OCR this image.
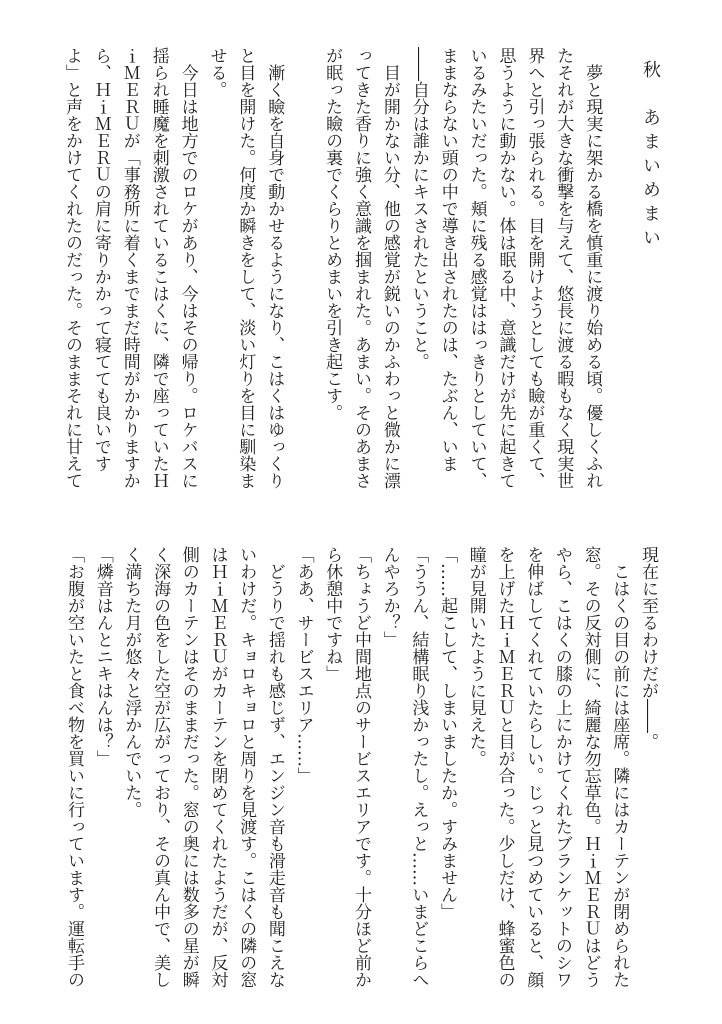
秋　あまいめまい
　夢と現実に架かる橋を慎重に渡り始める頃。優しくふれ
たそれが大きな衝撃を与えて、悠長に渡る暇もなく現実世
界へと引っ張られる。目を開けようとしても瞼が重くて、
思うように動かない。体は眠る中、意識だけが先に起きて
いるみたいだった。頬に残る感覚ははっきりとしていて、
ままならない頭の中で導き出されたのは、たぶん、いま
――自分は誰かにキスされたということ。
　目が開かない分、他の感覚が鋭いのかふわっと微かに漂
ってきた香りに強く意識を掴まれた。あまい。そのあまさ
が眠った瞼の裏でくらりとめまいを引き起こす。
　漸く瞼を自身で動かせるようになり、こはくはゆっくり
と目を開けた。何度か瞬きをして、淡い灯りを目に馴染ま
せる。
　今日は地方でのロケがあり、今はその帰り。ロケバスに
揺られ睡魔を刺激されているこはくに、隣で座っていたＨ
ｉＭＥＲＵが「事務所に着くまでまだ時間がかかりますか
ら、ＨｉＭＥＲＵの肩に寄りかかって寝てても良いです
よ」と声をかけてくれたのだった。そのままそれに甘えて
現在に至るわけだが――。
　こはくの目の前には座席。隣にはカーテンが閉められた
窓。その反対側に、綺麗な勿忘草色。ＨｉＭＥＲＵはどう
やら、こはくの膝の上にかけてくれたブランケットのシワ
を伸ばしてくれていたらしい。じっと見つめていると、顔
を上げたＨｉＭＥＲＵと目が合った。少しだけ、蜂蜜色の
瞳が見開いたように見えた。
「……起こして、しまいましたか。すみません」
「ううん、結構眠り浅かったし。えっと……いまどこらへ
んやろか？」
「ちょうど中間地点のサービスエリアです。十分ほど前か
ら休憩中ですね」
「ああ、サービスエリア……」
　どうりで揺れも感じず、エンジン音も滑走音も聞こえな
いわけだ。キョロキョロと周りを見渡す。こはくの隣の窓
はＨｉＭＥＲＵがカーテンを閉めてくれたようだが、反対
側のカーテンはそのままだった。窓の奥には数多の星が瞬
く深海の色をした空が広がっており、その真ん中で、美し
く満ちた月が悠々と浮かんでいた。
「燐音はんとニキはんは？」
「お腹が空いたと食べ物を買いに行っています。運転手の
